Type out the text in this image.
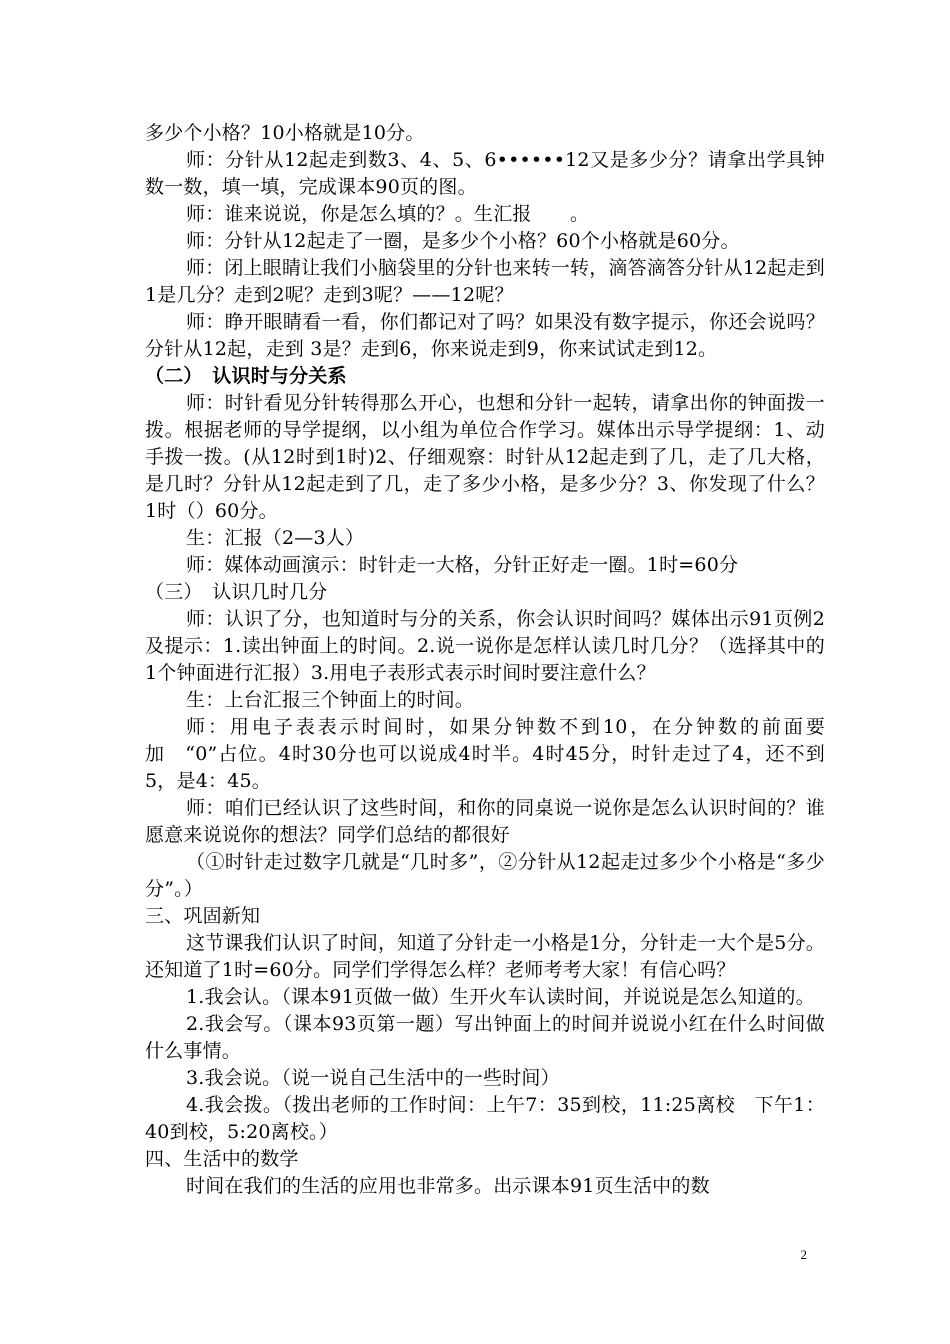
多少个小格？10小格就是10分。

师：分针从12起走到数3、4、5、6••••••12又是多少分？请拿出学具钟数一数，填一填，完成课本90页的图。

师：谁来说说，你是怎么填的？。生汇报　　。

师：分针从12起走了一圈，是多少个小格？60个小格就是60分。

师：闭上眼睛让我们小脑袋里的分针也来转一转，滴答滴答分针从12起走到1是几分？走到2呢？走到3呢？——12呢？

师：睁开眼睛看一看，你们都记对了吗？如果没有数字提示，你还会说吗？分针从12起，走到 3是？走到6，你来说走到9，你来试试走到12。

（二）　认识时与分关系

师：时针看见分针转得那么开心，也想和分针一起转，请拿出你的钟面拨一拨。根据老师的导学提纲，以小组为单位合作学习。媒体出示导学提纲：1、动手拨一拨。(从12时到1时)2、仔细观察：时针从12起走到了几，走了几大格，是几时？分针从12起走到了几，走了多少小格，是多少分？3、你发现了什么？1时（）60分。

生：汇报（2—3人）

师：媒体动画演示：时针走一大格，分针正好走一圈。1时=60分

（三）　认识几时几分

师：认识了分，也知道时与分的关系，你会认识时间吗？媒体出示91页例2及提示：1.读出钟面上的时间。2.说一说你是怎样认读几时几分？（选择其中的1个钟面进行汇报）3.用电子表形式表示时间时要注意什么？

生：上台汇报三个钟面上的时间。

师：用电子表表示时间时，如果分钟数不到10，在分钟数的前面要加　“0”占位。4时30分也可以说成4时半。4时45分，时针走过了4，还不到5，是4：45。

师：咱们已经认识了这些时间，和你的同桌说一说你是怎么认识时间的？谁愿意来说说你的想法？同学们总结的都很好

（①时针走过数字几就是“几时多”，②分针从12起走过多少个小格是“多少分”。）

三、巩固新知

这节课我们认识了时间，知道了分针走一小格是1分，分针走一大个是5分。还知道了1时=60分。同学们学得怎么样？老师考考大家！有信心吗？

1.我会认。（课本91页做一做）生开火车认读时间，并说说是怎么知道的。

2.我会写。（课本93页第一题）写出钟面上的时间并说说小红在什么时间做什么事情。

3.我会说。（说一说自己生活中的一些时间）

4.我会拨。（拨出老师的工作时间：上午7：35到校，11:25离校　下午1：40到校，5:20离校。）

四、生活中的数学

时间在我们的生活的应用也非常多。出示课本91页生活中的数

2
